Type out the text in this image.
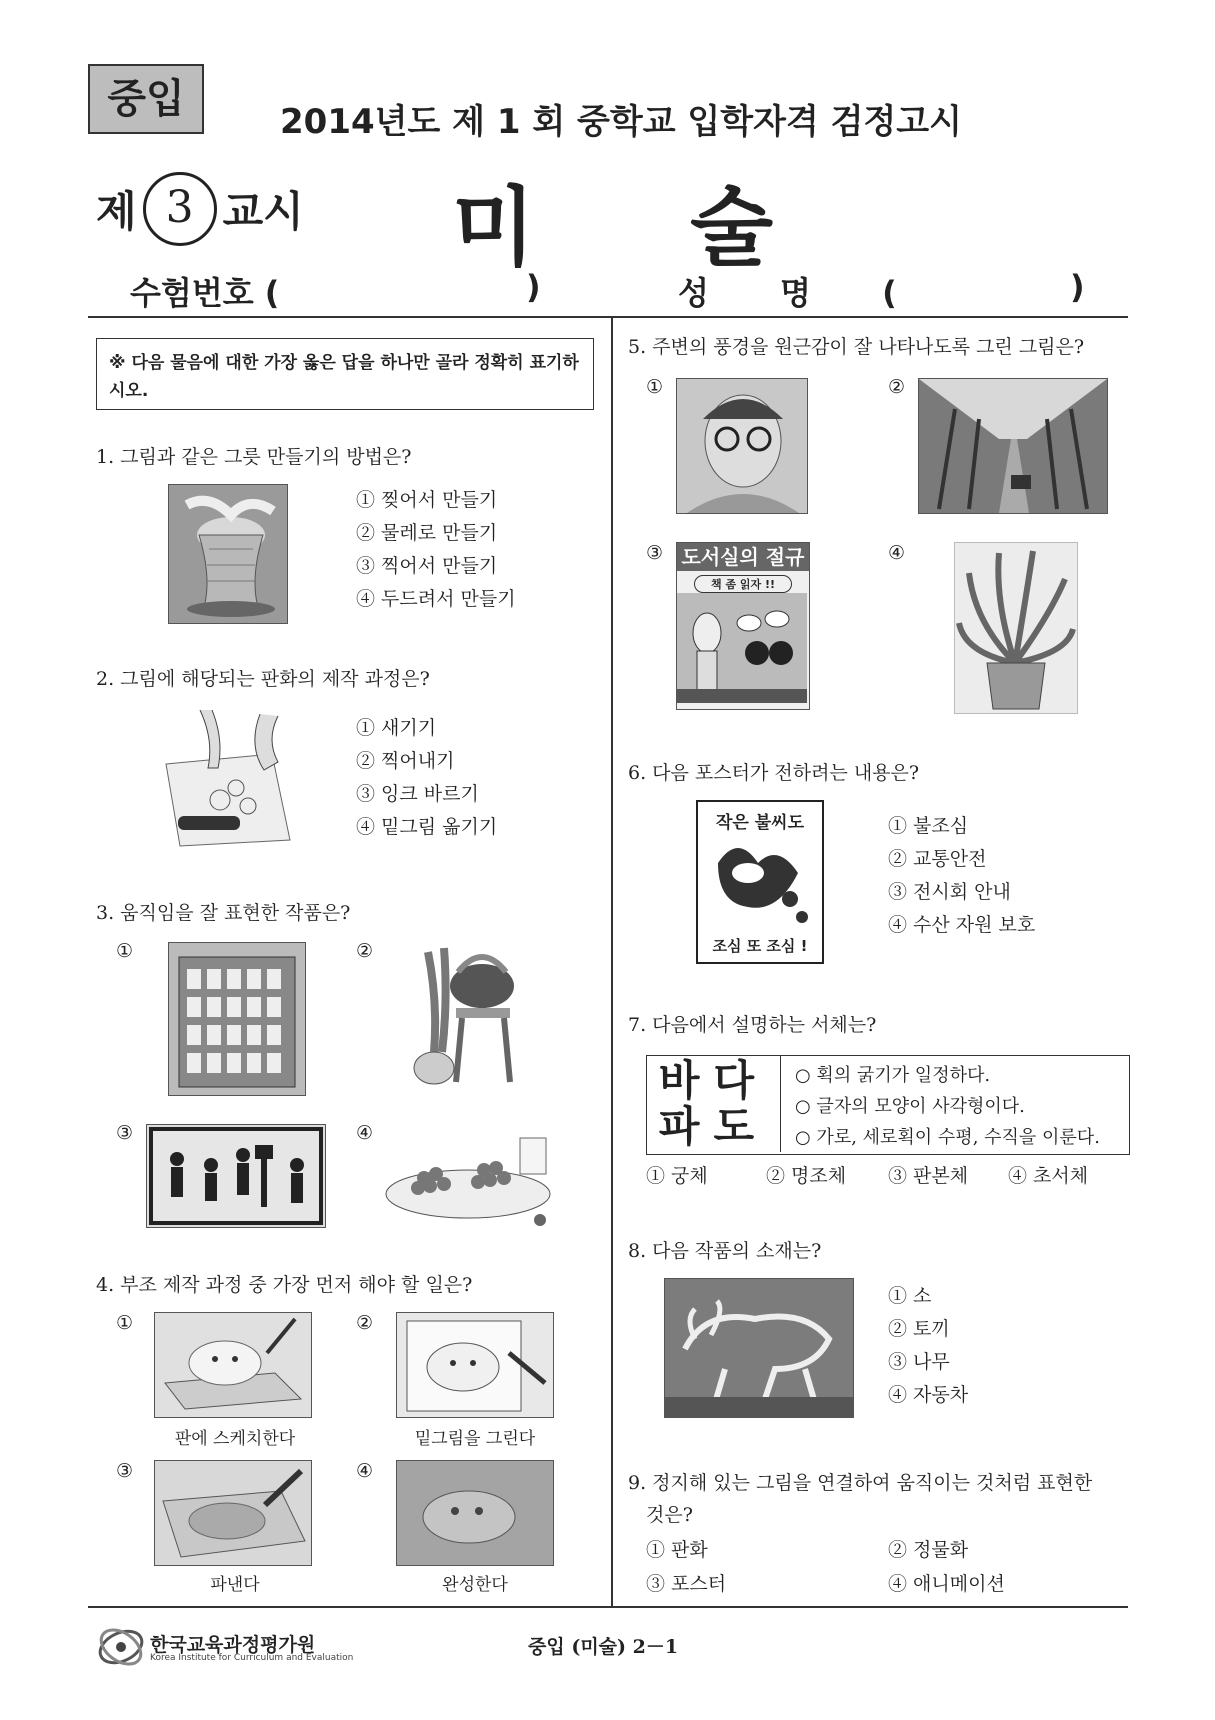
중입	2014년도 제 1 회 중학교 입학자격 검정고시
제 3 교시 미 술
수험번호 (	)	성 명 (	)
※ 다음 물음에 대한 가장 옳은 답을 하나만 골라 정확히 표기하시오.
1. 그림과 같은 그릇 만들기의 방법은?
① 찢어서 만들기
② 물레로 만들기
③ 찍어서 만들기
④ 두드려서 만들기
2. 그림에 해당되는 판화의 제작 과정은?
① 새기기
② 찍어내기
③ 잉크 바르기
④ 밑그림 옮기기
3. 움직임을 잘 표현한 작품은?
①	②
③	④
4. 부조 제작 과정 중 가장 먼저 해야 할 일은?
①	②
판에 스케치한다	밑그림을 그린다
③	④
파낸다	완성한다
5. 주변의 풍경을 원근감이 잘 나타나도록 그린 그림은?
①	②
③ 도서실의 절규
책 좀 읽자 !!
④
6. 다음 포스터가 전하려는 내용은?
작은 불씨도
조심 또 조심 !
① 불조심
② 교통안전
③ 전시회 안내
④ 수산 자원 보호
7. 다음에서 설명하는 서체는?
바다
파도
○ 획의 굵기가 일정하다.
○ 글자의 모양이 사각형이다.
○ 가로, 세로획이 수평, 수직을 이룬다.
① 궁체	② 명조체 ③ 판본체 ④ 초서체
8. 다음 작품의 소재는?
① 소
② 토끼
③ 나무
④ 자동차
9. 정지해 있는 그림을 연결하여 움직이는 것처럼 표현한
것은?
① 판화	② 정물화
③ 포스터	④ 애니메이션
한국교육과정평가원
Korea Institute for Curriculum and Evaluation	중입 (미술) 2－1
